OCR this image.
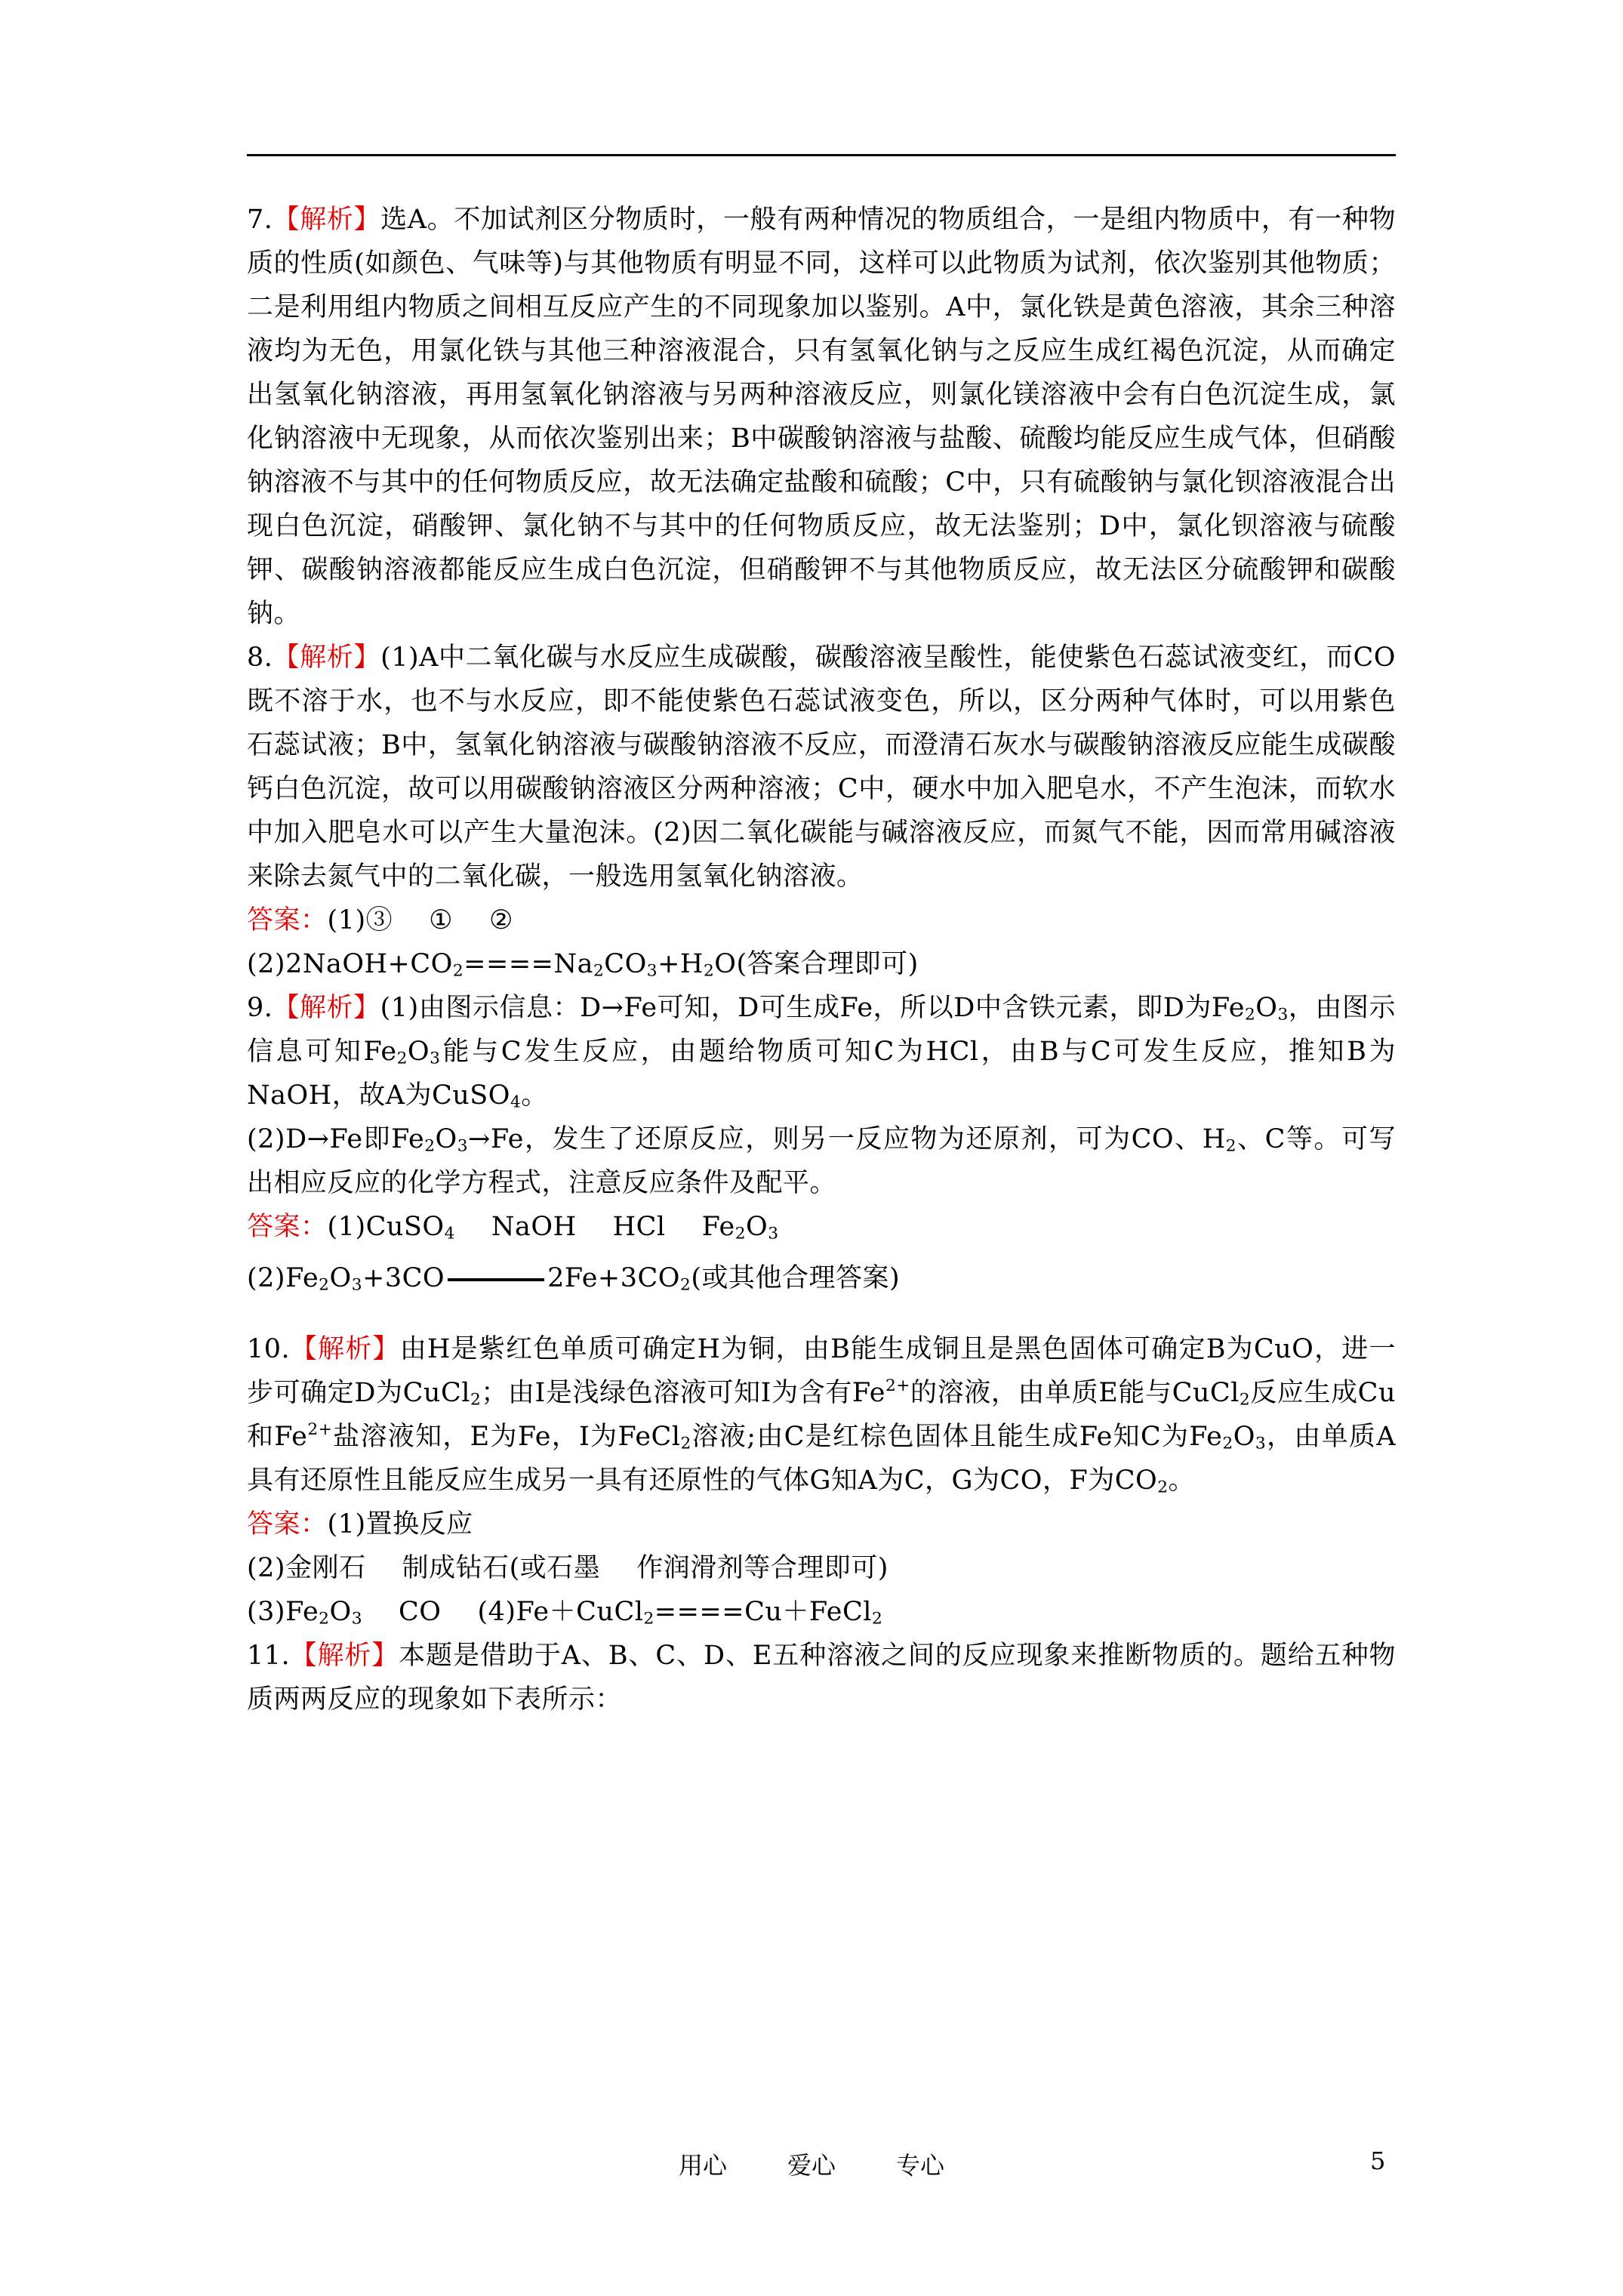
7.【解析】选A。不加试剂区分物质时，一般有两种情况的物质组合，一是组内物质中，有一种物质的性质(如颜色、气味等)与其他物质有明显不同，这样可以此物质为试剂，依次鉴别其他物质；二是利用组内物质之间相互反应产生的不同现象加以鉴别。A中，氯化铁是黄色溶液，其余三种溶液均为无色，用氯化铁与其他三种溶液混合，只有氢氧化钠与之反应生成红褐色沉淀，从而确定出氢氧化钠溶液，再用氢氧化钠溶液与另两种溶液反应，则氯化镁溶液中会有白色沉淀生成，氯化钠溶液中无现象，从而依次鉴别出来；B中碳酸钠溶液与盐酸、硫酸均能反应生成气体，但硝酸钠溶液不与其中的任何物质反应，故无法确定盐酸和硫酸；C中，只有硫酸钠与氯化钡溶液混合出现白色沉淀，硝酸钾、氯化钠不与其中的任何物质反应，故无法鉴别；D中，氯化钡溶液与硫酸钾、碳酸钠溶液都能反应生成白色沉淀，但硝酸钾不与其他物质反应，故无法区分硫酸钾和碳酸钠。

8.【解析】(1)A中二氧化碳与水反应生成碳酸，碳酸溶液呈酸性，能使紫色石蕊试液变红，而CO既不溶于水，也不与水反应，即不能使紫色石蕊试液变色，所以，区分两种气体时，可以用紫色石蕊试液；B中，氢氧化钠溶液与碳酸钠溶液不反应，而澄清石灰水与碳酸钠溶液反应能生成碳酸钙白色沉淀，故可以用碳酸钠溶液区分两种溶液；C中，硬水中加入肥皂水，不产生泡沫，而软水中加入肥皂水可以产生大量泡沫。(2)因二氧化碳能与碱溶液反应，而氮气不能，因而常用碱溶液来除去氮气中的二氧化碳，一般选用氢氧化钠溶液。

答案：(1)③ ① ②

$(2)2NaOH+CO_2====Na_2CO_3+H_2O$(答案合理即可)

9.【解析】(1)由图示信息：D→Fe可知，D可生成Fe，所以D中含铁元素，即D为$Fe_2O_3$，由图示信息可知$Fe_2O_3$能与C发生反应，由题给物质可知C为HCl，由B与C可发生反应，推知B为NaOH，故A为CuSO$_4$。

(2)D→Fe即$Fe_2O_3\to Fe$，发生了还原反应，则另一反应物为还原剂，可为CO、$H_2$、C等。可写出相应反应的化学方程式，注意反应条件及配平。

答案：(1)CuSO$_4$ NaOH HCl $Fe_2O_3$

$(2)Fe_2O_3+3CO$	$2Fe+3CO_2$(或其他合理答案)

10.【解析】由H是紫红色单质可确定H为铜，由B能生成铜且是黑色固体可确定B为CuO，进一步可确定D为CuCl$_2$；由I是浅绿色溶液可知I为含有$Fe^{2+}$的溶液，由单质E能与CuCl$_2$反应生成Cu和$Fe^{2+}$盐溶液知，E为Fe，I为FeCl$_2$溶液;由C是红棕色固体且能生成Fe知C为$Fe_2O_3$，由单质A具有还原性且能反应生成另一具有还原性的气体G知A为C，G为CO，F为$CO_2$。

答案：(1)置换反应

(2)金刚石 制成钻石(或石墨 作润滑剂等合理即可)

$(3)Fe_2O_3$ CO (4)Fe＋CuCl$_2$====Cu＋FeCl$_2$

11.【解析】本题是借助于A、B、C、D、E五种溶液之间的反应现象来推断物质的。题给五种物质两两反应的现象如下表所示：

用心	爱心	专心	5
